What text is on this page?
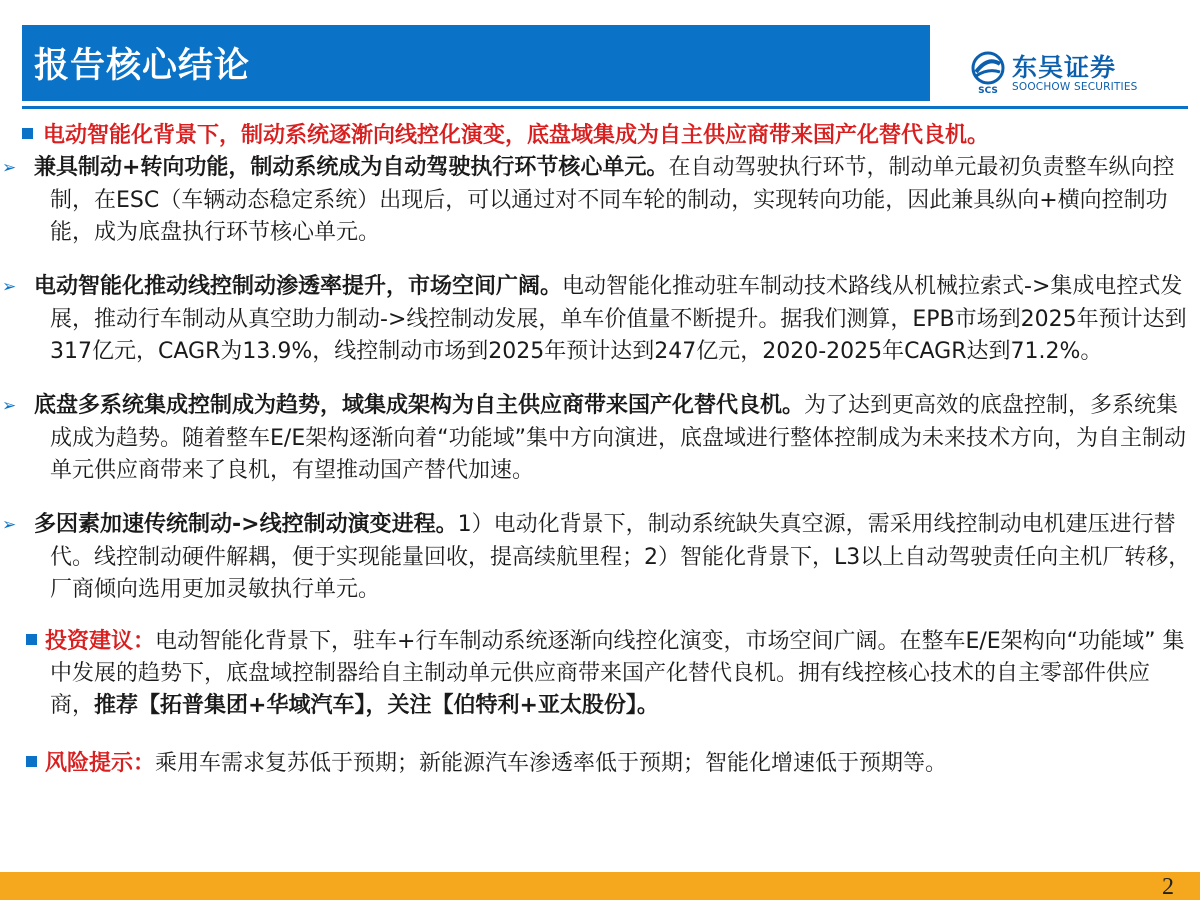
报告核心结论
SCS
东吴证券
SOOCHOW SECURITIES
电动智能化背景下，制动系统逐渐向线控化演变，底盘域集成为自主供应商带来国产化替代良机。
➢ 兼具制动+转向功能，制动系统成为自动驾驶执行环节核心单元。在自动驾驶执行环节，制动单元最初负责整车纵向控制，在ESC（车辆动态稳定系统）出现后，可以通过对不同车轮的制动，实现转向功能，因此兼具纵向+横向控制功能，成为底盘执行环节核心单元。
➢ 电动智能化推动线控制动渗透率提升，市场空间广阔。电动智能化推动驻车制动技术路线从机械拉索式->集成电控式发展，推动行车制动从真空助力制动->线控制动发展，单车价值量不断提升。据我们测算，EPB市场到2025年预计达到317亿元，CAGR为13.9%，线控制动市场到2025年预计达到247亿元，2020-2025年CAGR达到71.2%。
➢ 底盘多系统集成控制成为趋势，域集成架构为自主供应商带来国产化替代良机。为了达到更高效的底盘控制，多系统集成成为趋势。随着整车E/E架构逐渐向着“功能域”集中方向演进，底盘域进行整体控制成为未来技术方向，为自主制动单元供应商带来了良机，有望推动国产替代加速。
➢ 多因素加速传统制动->线控制动演变进程。1）电动化背景下，制动系统缺失真空源，需采用线控制动电机建压进行替代。线控制动硬件解耦，便于实现能量回收，提高续航里程；2）智能化背景下，L3以上自动驾驶责任向主机厂转移，厂商倾向选用更加灵敏执行单元。
投资建议：电动智能化背景下，驻车+行车制动系统逐渐向线控化演变，市场空间广阔。在整车E/E架构向“功能域” 集中发展的趋势下，底盘域控制器给自主制动单元供应商带来国产化替代良机。拥有线控核心技术的自主零部件供应商，推荐【拓普集团+华域汽车】，关注【伯特利+亚太股份】。
风险提示：乘用车需求复苏低于预期；新能源汽车渗透率低于预期；智能化增速低于预期等。
2
